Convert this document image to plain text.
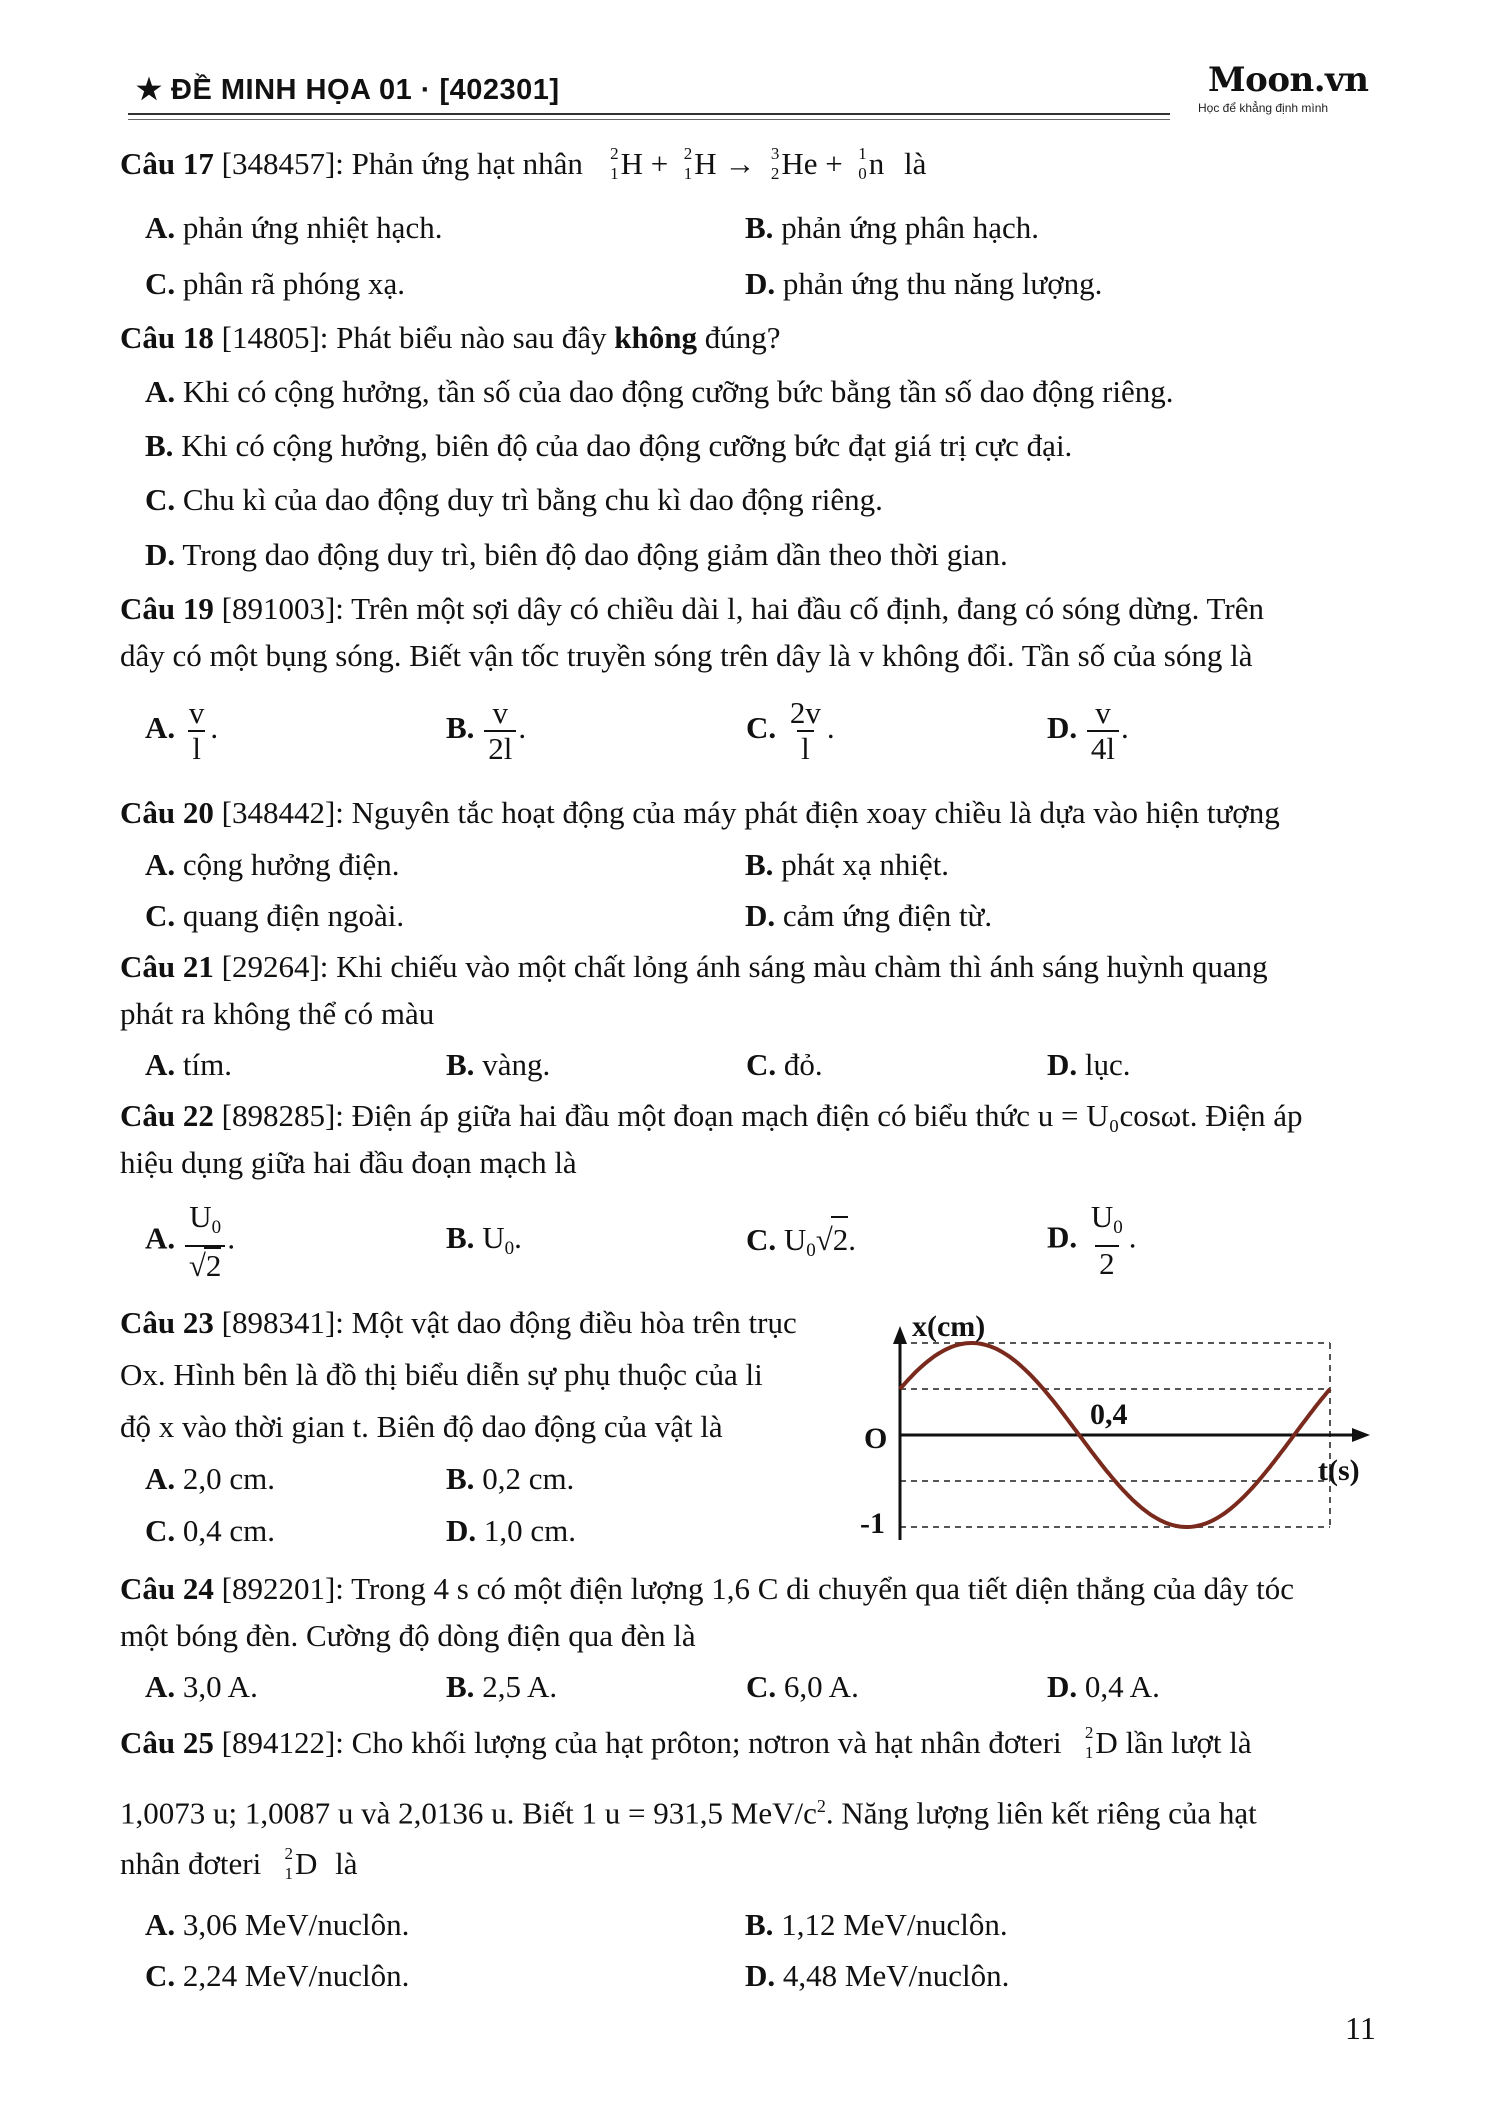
★ ĐỀ MINH HỌA 01 · [402301]	Moon.vn
Học để khẳng định mình
Câu 17 [348457]: Phản ứng hạt nhân 2
1 H + 2
1 H → 3
2 He + 1
0 n là
A. phản ứng nhiệt hạch.	B. phản ứng phân hạch.
C. phân rã phóng xạ.	D. phản ứng thu năng lượng.
Câu 18 [14805]: Phát biểu nào sau đây không đúng?
A. Khi có cộng hưởng, tần số của dao động cưỡng bức bằng tần số dao động riêng.
B. Khi có cộng hưởng, biên độ của dao động cưỡng bức đạt giá trị cực đại.
C. Chu kì của dao động duy trì bằng chu kì dao động riêng.
D. Trong dao động duy trì, biên độ dao động giảm dần theo thời gian.
Câu 19 [891003]: Trên một sợi dây có chiều dài l, hai đầu cố định, đang có sóng dừng. Trên
dây có một bụng sóng. Biết vận tốc truyền sóng trên dây là v không đổi. Tần số của sóng là
A. $\frac{v}{l}$ .	B. $\frac{v}{2l}$ .	C. $\frac{2v}{l}$ .	D. $\frac{v}{4l}$ .
Câu 20 [348442]: Nguyên tắc hoạt động của máy phát điện xoay chiều là dựa vào hiện tượng
A. cộng hưởng điện.	B. phát xạ nhiệt.
C. quang điện ngoài.	D. cảm ứng điện từ.
Câu 21 [29264]: Khi chiếu vào một chất lỏng ánh sáng màu chàm thì ánh sáng huỳnh quang
phát ra không thể có màu
A. tím.	B. vàng.	C. đỏ.	D. lục.
Câu 22 [898285]: Điện áp giữa hai đầu một đoạn mạch điện có biểu thức u = U₀cosωt. Điện áp
hiệu dụng giữa hai đầu đoạn mạch là
A. $\frac{U0}{√2}$ .	B. U0.	C. U0√2.	D. $\frac{U0}{2}$ .
Câu 23 [898341]: Một vật dao động điều hòa trên trục
Ox. Hình bên là đồ thị biểu diễn sự phụ thuộc của li
độ x vào thời gian t. Biên độ dao động của vật là
A. 2,0 cm.	B. 0,2 cm.
C. 0,4 cm.	D. 1,0 cm.
x(cm)
O
-1
0,4
t(s)
Câu 24 [892201]: Trong 4 s có một điện lượng 1,6 C di chuyển qua tiết diện thẳng của dây tóc
một bóng đèn. Cường độ dòng điện qua đèn là
A. 3,0 A.	B. 2,5 A.	C. 6,0 A.	D. 0,4 A.
Câu 25 [894122]: Cho khối lượng của hạt prôton; nơtron và hạt nhân đơteri 2
1 D lần lượt là
1,0073 u; 1,0087 u và 2,0136 u. Biết 1 u = 931,5 MeV/$c^2$. Năng lượng liên kết riêng của hạt
nhân đơteri 2
1 D là
A. 3,06 MeV/nuclôn.	B. 1,12 MeV/nuclôn.
C. 2,24 MeV/nuclôn.	D. 4,48 MeV/nuclôn.
11
